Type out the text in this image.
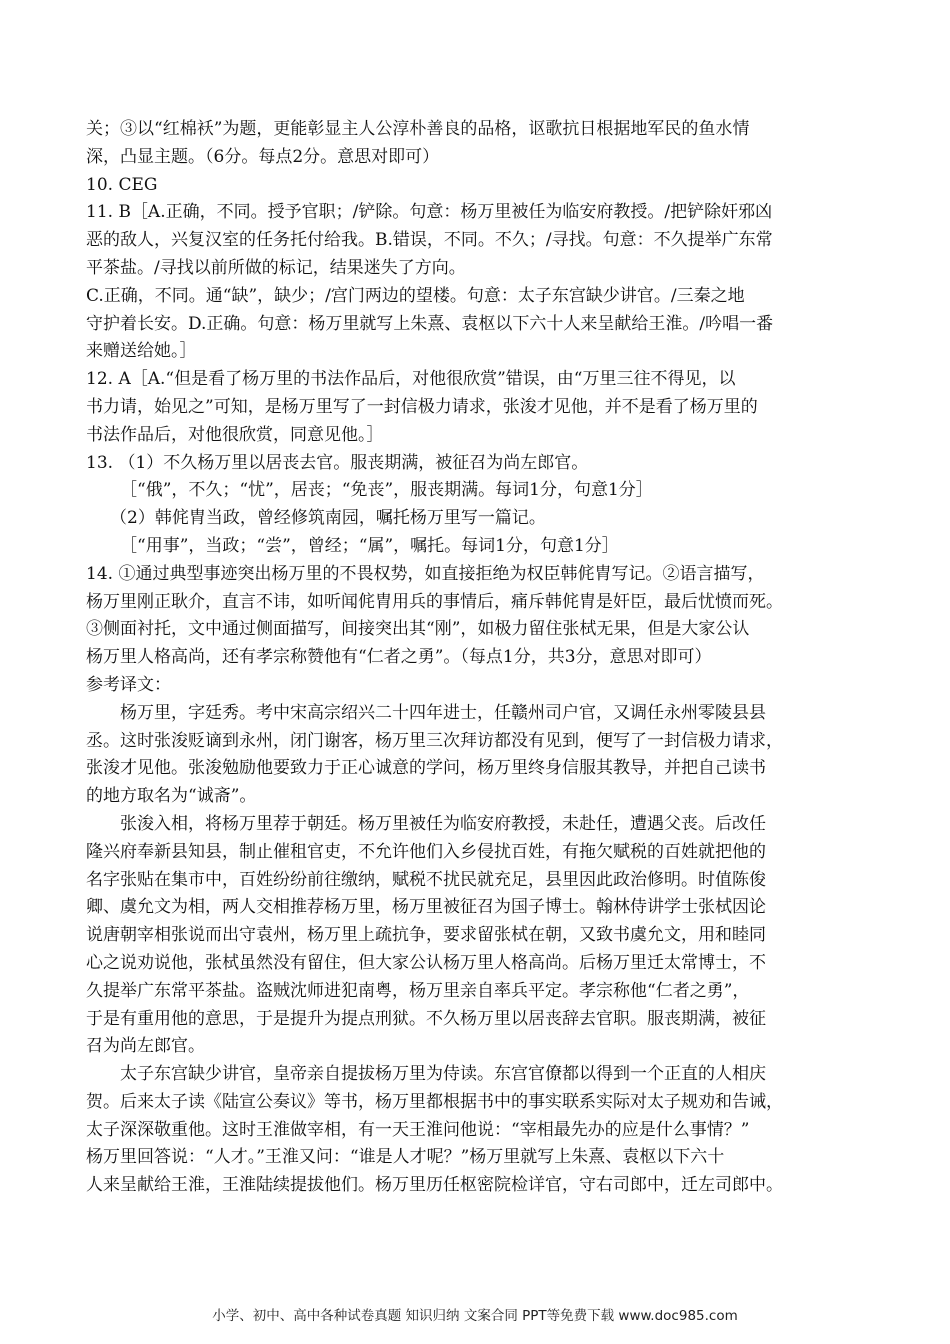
关；③以“红棉袄”为题，更能彰显主人公淳朴善良的品格，讴歌抗日根据地军民的鱼水情
深，凸显主题。（6分。每点2分。意思对即可）
10. CEG
11. B［A.正确，不同。授予官职；/铲除。句意：杨万里被任为临安府教授。/把铲除奸邪凶
恶的敌人，兴复汉室的任务托付给我。B.错误，不同。不久；/寻找。句意：不久提举广东常
平茶盐。/寻找以前所做的标记，结果迷失了方向。
C.正确，不同。通“缺”，缺少；/宫门两边的望楼。句意：太子东宫缺少讲官。/三秦之地
守护着长安。D.正确。句意：杨万里就写上朱熹、袁枢以下六十人来呈献给王淮。/吟唱一番
来赠送给她。］
12. A［A.“但是看了杨万里的书法作品后，对他很欣赏”错误，由“万里三往不得见，以
书力请，始见之”可知，是杨万里写了一封信极力请求，张浚才见他，并不是看了杨万里的
书法作品后，对他很欣赏，同意见他。］
13. （1）不久杨万里以居丧去官。服丧期满，被征召为尚左郎官。
［“俄”，不久；“忧”，居丧；“免丧”，服丧期满。每词1分，句意1分］
（2）韩侂胄当政，曾经修筑南园，嘱托杨万里写一篇记。
［“用事”，当政；“尝”，曾经；“属”，嘱托。每词1分，句意1分］
14. ①通过典型事迹突出杨万里的不畏权势，如直接拒绝为权臣韩侂胄写记。②语言描写，
杨万里刚正耿介，直言不讳，如听闻侂胄用兵的事情后，痛斥韩侂胄是奸臣，最后忧愤而死。
③侧面衬托，文中通过侧面描写，间接突出其“刚”，如极力留住张栻无果，但是大家公认
杨万里人格高尚，还有孝宗称赞他有“仁者之勇”。（每点1分，共3分，意思对即可）
参考译文：
杨万里，字廷秀。考中宋高宗绍兴二十四年进士，任赣州司户官，又调任永州零陵县县
丞。这时张浚贬谪到永州，闭门谢客，杨万里三次拜访都没有见到，便写了一封信极力请求，
张浚才见他。张浚勉励他要致力于正心诚意的学问，杨万里终身信服其教导，并把自己读书
的地方取名为“诚斋”。
张浚入相，将杨万里荐于朝廷。杨万里被任为临安府教授，未赴任，遭遇父丧。后改任
隆兴府奉新县知县，制止催租官吏，不允许他们入乡侵扰百姓，有拖欠赋税的百姓就把他的
名字张贴在集市中，百姓纷纷前往缴纳，赋税不扰民就充足，县里因此政治修明。时值陈俊
卿、虞允文为相，两人交相推荐杨万里，杨万里被征召为国子博士。翰林侍讲学士张栻因论
说唐朝宰相张说而出守袁州，杨万里上疏抗争，要求留张栻在朝，又致书虞允文，用和睦同
心之说劝说他，张栻虽然没有留住，但大家公认杨万里人格高尚。后杨万里迁太常博士，不
久提举广东常平茶盐。盗贼沈师进犯南粤，杨万里亲自率兵平定。孝宗称他“仁者之勇”，
于是有重用他的意思，于是提升为提点刑狱。不久杨万里以居丧辞去官职。服丧期满，被征
召为尚左郎官。
太子东宫缺少讲官，皇帝亲自提拔杨万里为侍读。东宫官僚都以得到一个正直的人相庆
贺。后来太子读《陆宣公奏议》等书，杨万里都根据书中的事实联系实际对太子规劝和告诫，
太子深深敬重他。这时王淮做宰相，有一天王淮问他说：“宰相最先办的应是什么事情？”
杨万里回答说：“人才。”王淮又问：“谁是人才呢？”杨万里就写上朱熹、袁枢以下六十
人来呈献给王淮，王淮陆续提拔他们。杨万里历任枢密院检详官，守右司郎中，迁左司郎中。
小学、初中、高中各种试卷真题 知识归纳 文案合同 PPT等免费下载 www.doc985.com
